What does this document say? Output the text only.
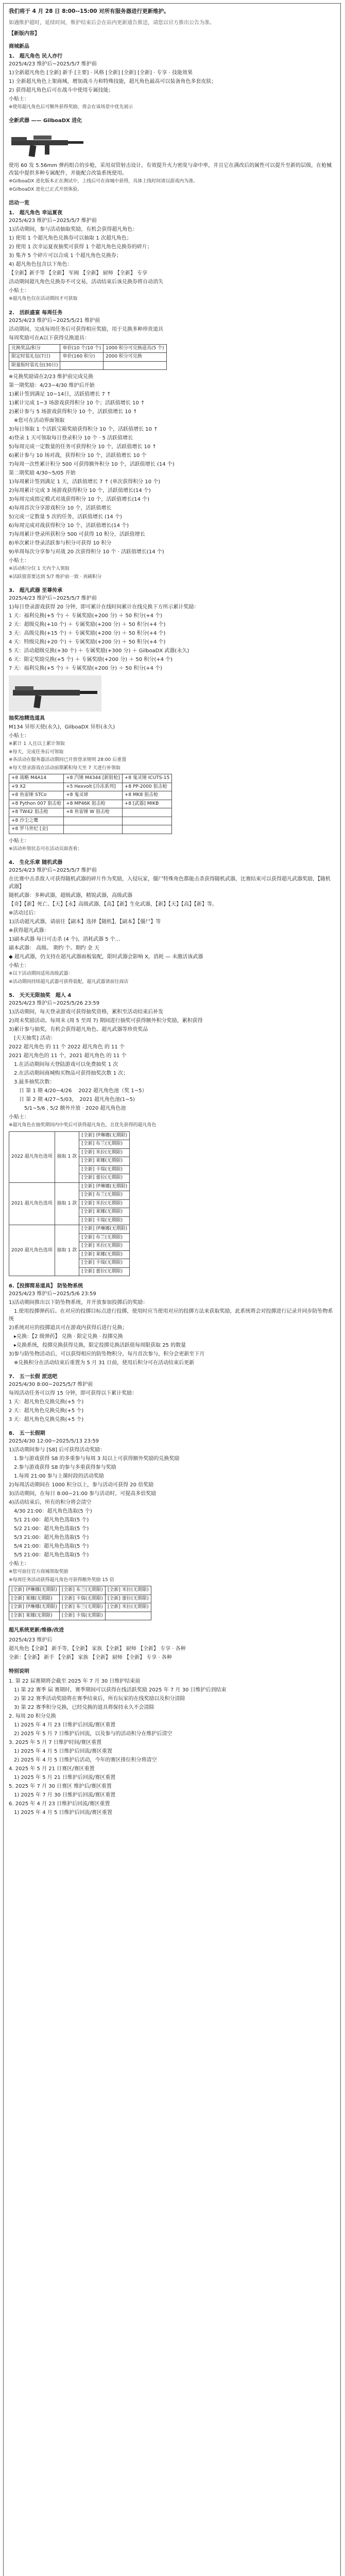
我们将于 4 月 28 日 8:00--15:00 对所有服务器进行更新维护。
如遇维护超时，延续时间，维护结束后会在站内更新通告推送，请您以官方推出公告为准。
【新版内容】
商城新品
1.　超凡角色 民人亦行
2025/4/23 维护后~2025/5/7 维护前
1)全新超凡角色 [全新] 新手 [主要] ⋅ 风格 [全新] [全新] [全新] ⋅ 专享 ⋅ 技能效果
1) 全新超凡角色上架商城，增加战斗力和特殊技能，超凡角色最高可以装备角色多套皮肤；
2) 获得超凡角色后可在战斗中使用专属技能；
小贴士：
※使用超凡角色后可额外获得奖励，将会在该场景中优先展示
全新武器 —— GilboaDX 进化
使用 60 发 5.56mm 弹药组合的步枪，采用双管射击设计，有效提升火力密度与命中率，并且它在满改后的属性可以提升至新的层级，在枪械改装中提供多种专属配件，并能配合改装系统使用。
※GilboaDX 进化版本正在测试中，上线后可在商城中获得，具体上线时间请以游戏内为准。
※GilboaDX 进化已正式开放体验。
活动一览
1.　超凡角色 幸运夏夜
2025/4/23 维护后~2025/5/7 维护前
1)活动期间，参与活动抽取奖励，有机会获得超凡角色：
1) 使用 1 个超凡角色兑换券可以抽取 1 次超凡角色；
2) 使用 1 次幸运夏夜抽奖可获得 1 个超凡角色兑换券的碎片；
3) 集齐 5 个碎片可以合成 1 个超凡角色兑换券；
4) 超凡角色包含以下角色：
【全新】新手等 【全新】 军阀 【全新】 厨师 【全新】 专享
活动期间超凡角色兑换券不可交易，活动结束后该兑换券将自动消失
小贴士：
※超凡角色仅在活动期间才可获取
2.　活跃盛宴 每周任务
2025/4/23 维护后~2025/5/21 维护前
活动期间，完成每周任务后可获得相应奖励，用于兑换多种珍贵道具
每周奖励可在A以下获得兑换道具：
兑换奖品/积分	单价(10 个/10 个)	1000 积分可兑换道具(5 个)
限定时装礼包(7日)	单价(160 积分)	2000 积分可兑换
限量版时装礼包(30日)		
※兑换奖励请在2/23 维护前完成兑换
第一期奖励：4/23~4/30 维护后开始
1)累计签到满足 10~14日，活跃值增长 7 ↑
1)累计完成 1~3 场游戏获得积分 10 个；活跃值增长 10 ↑
2)累计参与 5 场游戏获得积分 10 个，活跃值增长 10 ↑
　※您可在活动界面领取
3)每日领取 1 个活跃宝箱奖励获得积分 10 个，活跃值增长 10 ↑
4)登录 1 天可领取每日登录积分 10 个 ⋅ 5 活跃值增长
5)每周完成一定数量的任务可获得积分 10 个，活跃值增长 10 ↑
6)累计参与 10 场对战，获得积分 10 个，活跃值增长 10 个
7)每周一次性累计积分 500 可获得额外积分 10 个，活跃值增长 (14 个)
第二期奖励 4/30~5/05 开始
1)每周累计签到满足 1 天，活跃值增长 7 ↑ (单次获得积分 10 个)
2)每周累计完成 3 场游戏获得积分 10 个，活跃值增长(14 个)
3)每周完成指定模式对战获得积分 10 个，活跃值增长(14 个)
4)每周首次分享游戏积分 10 个，活跃值增长
5)完成一定数量 5 次的任务，活跃值增长 (14 个)
6)每周完成对战获得积分 10 个，活跃值增长(14 个)
7)每周累计登录所获积分 500 可获得 10 积分，活跃值增长
8)单次累计登录活跃参与积分可获得 10 积分
9)单周每次分享参与对战 20 次获得积分 10 个 ⋅ 活跃值增长(14 个)
小贴士：
※活动积分仅 1 天内个人领取
※活跃值需要达到 5/7 维护前一致 ⋅ 再刷积分
3.　超凡武器 至尊传承
2025/4/23 维护后~2025/5/7 维护前
1)每日登录游戏获得 20 分钟，即可累计在线时间累计在线兑换下方所示累计奖励：
1 天：福利兑换(+5 个) ＋ 专属奖励(+200 分) ＋ 50 积分(+4 个)
2 天：超级兑换(+10 个) ＋ 专属奖励(+200 分) ＋ 50 积分(+4 个)
3 天：高级兑换(+15 个) ＋ 专属奖励(+200 分) ＋ 50 积分(+4 个)
4 天：特级兑换(+20 个) ＋ 专属奖励(+200 分) ＋ 50 积分(+4 个)
5 天：活动超级兑换(+30 个) ＋ 专属奖励(+300 分) ＋ GilboaDX 武器(永久)
6 天：限定奖励兑换(+5 个) ＋ 专属奖励(+200 分) ＋ 50 积分(+4 个)
7 天：福利兑换(+5 个) ＋ 专属奖励(+200 分) ＋ 50 积分(+4 个)
抽奖池精选道具
M134 异形天使(永久)，GilboaDX 异形(永久)
小贴士：
※累计 1 人且以上累计领取
※每天，完成任务后可领取
※各活动在服务器活动期间已开放登录规则 28:00 后重置
※每天登录游戏在活动前期累积每天至 7 天进行补领取
+8 战略 M4A14	+8 汽锤 M4344 [新狙枪]	+8 鬼灵锤 ICUTS-15
+9 X2	+5 Hexvolt [冷冻系列]	+8 PP-2000 狙击枪
+8 鱼雷锤 STCo	+8 鬼灵球	+8 MK8 狙击枪
+8 Python 007 狙击枪	+8 MP46K 狙击枪	+8 [武器] MIKB
+8 TW42 狙击枪	+8 鱼雷锤 W 狙击枪	
+8 沙尘之鹰		
+8 罗马世纪 [金]		
小贴士：
※活动补领状态可在活动页面查看；
4.　生化乐章 随机武器
2025/4/23 维护后~2025/5/7 维护前
在比赛中击杀敌人可获得随机武器的碎片作为奖励，入侵玩家，僵尸特殊角色都能击杀获得随机武器，比赛结束可以获得超凡武器奖励，【随机武器】
随机武器：多种武器，超级武器，精锐武器，高级武器
【奇】【新】死亡、【天】【永】高级武器，【高】【新】生化武器，【新】【天】【高】【新】等。
※活动过后：
1)活动超凡武器，请前往【副本】选择【随机】，【副本】【僵尸】等
※获得超凡武器：
1)副本武器 每日可击杀 (4 个)，消耗武器 5 个…
副本武器： 高级。 期约 个。期约 金 天
◆ 超凡武器，仍支持在超凡武器面板装配，限时武器会影响 X，消耗 — 未激活该武器
小贴士：
※以下活动期间适用高级武器：
※活动期间持续超凡武器可获得装配，超凡武器请前往商店
5.　天天无限抽奖　超人 4
2025/4/23 维护后~2025/5/26 23:59
1)活动期间，每天登录游戏可获得抽奖资格，累积至活动结束后补发
2)周末奖励活动。每周末 (周 5 至周 7) 期间进行抽奖可获得额外积分奖励，累积获得
3)累计参与抽奖，有机会获得超凡角色、超凡武器等珍贵奖品
　[天天抽奖] 活动：
2022 超凡角色 的 11 个 2022 超凡角色 的 11 个
2021 超凡角色的 11 个，2021 超凡角色 的 11 个
　1.在活动期间每天登陆游戏可以免费抽奖 1 次
　2.在活动期间商城购买物品可获得抽奖次数 1 次；
　3.最多抽奖次数：
　　日 第 1 期 4/20~4/26　 2022 超凡角色池（奖 1~5）
　　日 第 2 期 4/27~5/03，　2021 超凡角色池(1~5)
　　　5/1~5/6 , 5/2 额外开放 ⋅ 2020 超凡角色池
小贴士：
※超凡角色在抽奖期间内中奖后可获得超凡角色，且优先获得的超凡角色
2022 超凡角色选项	抽取 1 款	[全新] 伊琳娜(无期限)
		[全新] 布兰(无期限)
		[全新] 米拉(无期限)
		[全新] 莱娜(无期限)
		[全新] 卡瑞(无期限)
		[全新] 蕾拉(无期限)
2021 超凡角色选项	抽取 1 款	[全新] 伊琳娜(无期限)
		[全新] 布兰(无期限)
		[全新] 米拉(无期限)
		[全新] 莱娜(无期限)
		[全新] 卡瑞(无期限)
2020 超凡角色选项	抽取 1 款	[全新] 伊琳娜(无期限)
		[全新] 布兰(无期限)
		[全新] 米拉(无期限)
		[全新] 莱娜(无期限)
		[全新] 卡瑞(无期限)
		[全新] 蕾拉(无期限)
6.【投掷简易道具】 防坠物系统
2025/4/23 维护后~2025/5/6 23:59
1)活动期间推出以下防坠物系统，并开放参加投掷后的奖励：
　1.使用投掷弹药后。在对应的投掷目标点进行投掷，使用时应当使用对应的投掷方法来获取奖励，此系统将会对投掷进行记录并同步防坠物系统
2)系统对应的投掷道具可在游戏内获得后进行兑换；
　▸兑换：【2 级弹药】 兑换 ⋅ 限定兑换 ⋅ 投掷兑换
　▸兑换系统，投掷兑换获得兑换，限定投掷兑换活跃值每周限获取 25 的数量
3)参与防坠物活动后，可以获得相应的防坠物积分，每月首次参与，积分会更新至下月
　※兑换积分在活动结束后重置为 5 月 31 日前，使用后积分可在活动结束后更新
7.　五一长假 派送吧
2025/4/30 8:00~2025/5/7 维护前
每周活动任务可以得 15 分钟，即可获得以下累计奖励：
1 天：超凡角色兑换兑换(+5 个)
2 天：超凡角色兑换兑换(+5 个)
3 天：超凡角色兑换兑换(+5 个)
8.　五一长假期
2025/4/30 12:00~2025/5/13 23:59
1)活动期间参与 [S8] 后可获得活动奖励：
　1.参与游戏获得 S8 的多重参与每周 3 局以上可获得额外奖励的兑换奖励
　2.参与游戏获得 S8 的参与多重获得参与奖励
　1.每周 21:00 参与上课时段的活动奖励
2)每周活动期间在 1000 积分以上，参与活动可获得 20 倍奖励
3)活动期间，在每日 8:00~21:00 参与活动时，可提高多倍奖励
4)活动结束后，所有的积分将会清空
　4/30 21:00：超凡角色选取(5 个)
　5/1 21:00：超凡角色选取(5 个)
　5/2 21:00：超凡角色选取(5 个)
　5/3 21:00：超凡角色选取(5 个)
　5/4 21:00：超凡角色选取(5 个)
　5/5 21:00：超凡角色选取(5 个)
小贴士：
※您可前往官方商城领取奖励
※每周任务活动获得超凡角色可获得额外奖励 15 倍
[全新] 伊琳娜(无期限)	[全新] 布兰(无期限)	[全新] 米拉(无期限)
[全新] 莱娜(无期限)	[全新] 卡瑞(无期限)	[全新] 蕾拉(无期限)
[全新] 伊琳娜(无期限)	[全新] 布兰(无期限)	[全新] 米拉(无期限)
[全新] 莱娜(无期限)	[全新] 卡瑞(无期限)	
超凡系统更新/维修/改进
2025/4/23 维护后
超凡角色【全新】 新手等，【全新】 家族 【全新】 厨师 【全新】 专享 ⋅ 各种
全新：【全新】 新手 【全新】 家族 【全新】 厨师 【全新】 专享 ⋅ 各种
特别说明
1. 第 22 届赛期将会截至 2025 年 7 月 30 日维护结束前
　1) 第 22 赛季 届 赛期时，赛季期间可以获得在线活跃奖励 2025 年 7 月 30 日维护后到结束
　2) 第 22 赛季活动奖励将在赛季结束后，所有玩家的在线奖励以及积分清除
　3) 第 22 赛季积分兑换，已经兑换的道具将保持永久不会清除
2. 每周 20 积分兑换
　1) 2025 年 4 月 23 日维护后回流/赛区重置
　2) 2025 年 5 月 7 日维护后回流，以及参与的活动积分在维护后清空
3. 2025 年 5 月 7 日维护时间/赛区重置
　1) 2025 年 4 月 5 日维护后回流/赛区重置
　2) 2025 年 4 月 5 日维护后活动，今年的赛区排位积分将清空
4. 2025 年 5 月 21 日赛区/赛区重置
　1) 2025 年 5 月 21 日维护后回流/赛区重置
5. 2025 年 7 月 30 日赛区 维护后/赛区重置
　1) 2025 年 7 月 30 日维护后回流/赛区重置
6. 2025 年 4 月 23 日维护后回流/赛区重置
　1) 2025 年 4 月 5 日维护后回流/赛区重置
